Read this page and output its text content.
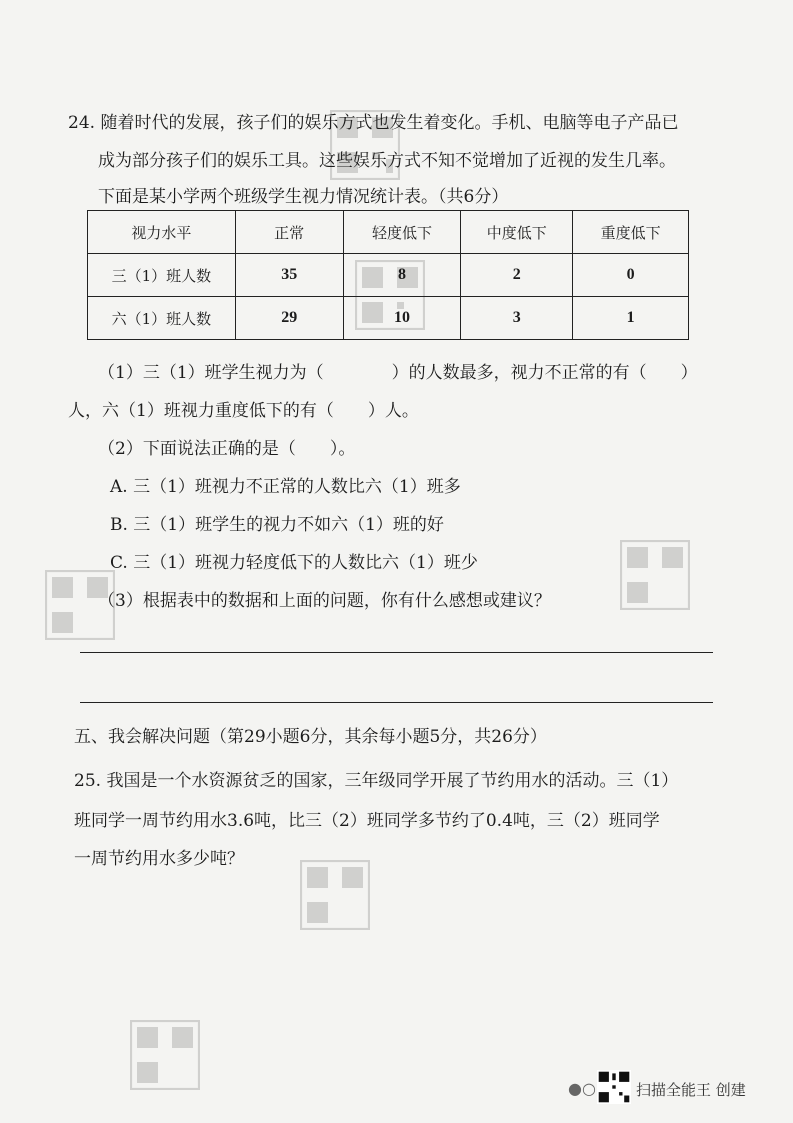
24. 随着时代的发展，孩子们的娱乐方式也发生着变化。手机、电脑等电子产品已
成为部分孩子们的娱乐工具。这些娱乐方式不知不觉增加了近视的发生几率。
下面是某小学两个班级学生视力情况统计表。（共6分）
视力水平	正常	轻度低下	中度低下	重度低下
三（1）班人数	35	8	2	0
六（1）班人数	29	10	3	1
（1）三（1）班学生视力为（　　　　）的人数最多，视力不正常的有（　　）
人，六（1）班视力重度低下的有（　　）人。
（2）下面说法正确的是（　　）。
A. 三（1）班视力不正常的人数比六（1）班多
B. 三（1）班学生的视力不如六（1）班的好
C. 三（1）班视力轻度低下的人数比六（1）班少
（3）根据表中的数据和上面的问题，你有什么感想或建议？
五、我会解决问题（第29小题6分，其余每小题5分，共26分）
25. 我国是一个水资源贫乏的国家，三年级同学开展了节约用水的活动。三（1）
班同学一周节约用水3.6吨，比三（2）班同学多节约了0.4吨，三（2）班同学
一周节约用水多少吨？
●○	扫描全能王 创建
